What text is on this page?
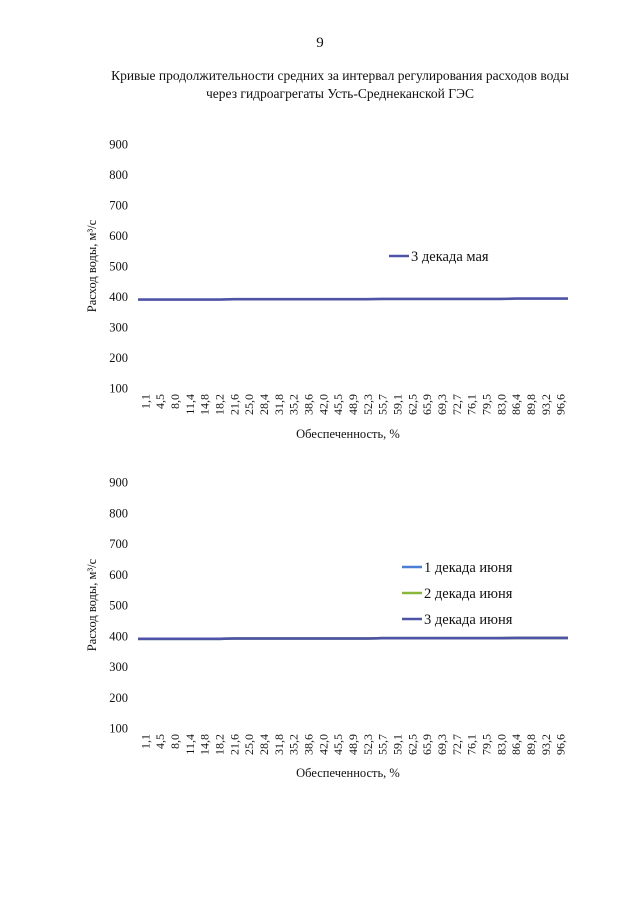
9
Кривые продолжительности средних за интервал регулирования расходов воды
через гидроагрегаты Усть-Среднеканской ГЭС
100
200
300
400
500
600
700
800
900
1,1 4,5 8,0 11,4 14,8 18,2 21,6 25,0 28,4 31,8 35,2 38,6 42,0 45,5 48,9 52,3 55,7 59,1 62,5 65,9 69,3 72,7 76,1 79,5 83,0 86,4 89,8 93,2 96,6
Обеспеченность, %
Расход воды, м³/с	3 декада мая
100
200
300
400
500
600
700
800
900
1,1 4,5 8,0 11,4 14,8 18,2 21,6 25,0 28,4 31,8 35,2 38,6 42,0 45,5 48,9 52,3 55,7 59,1 62,5 65,9 69,3 72,7 76,1 79,5 83,0 86,4 89,8 93,2 96,6
Обеспеченность, %
Расход воды, м³/с	1 декада июня
2 декада июня
3 декада июня
